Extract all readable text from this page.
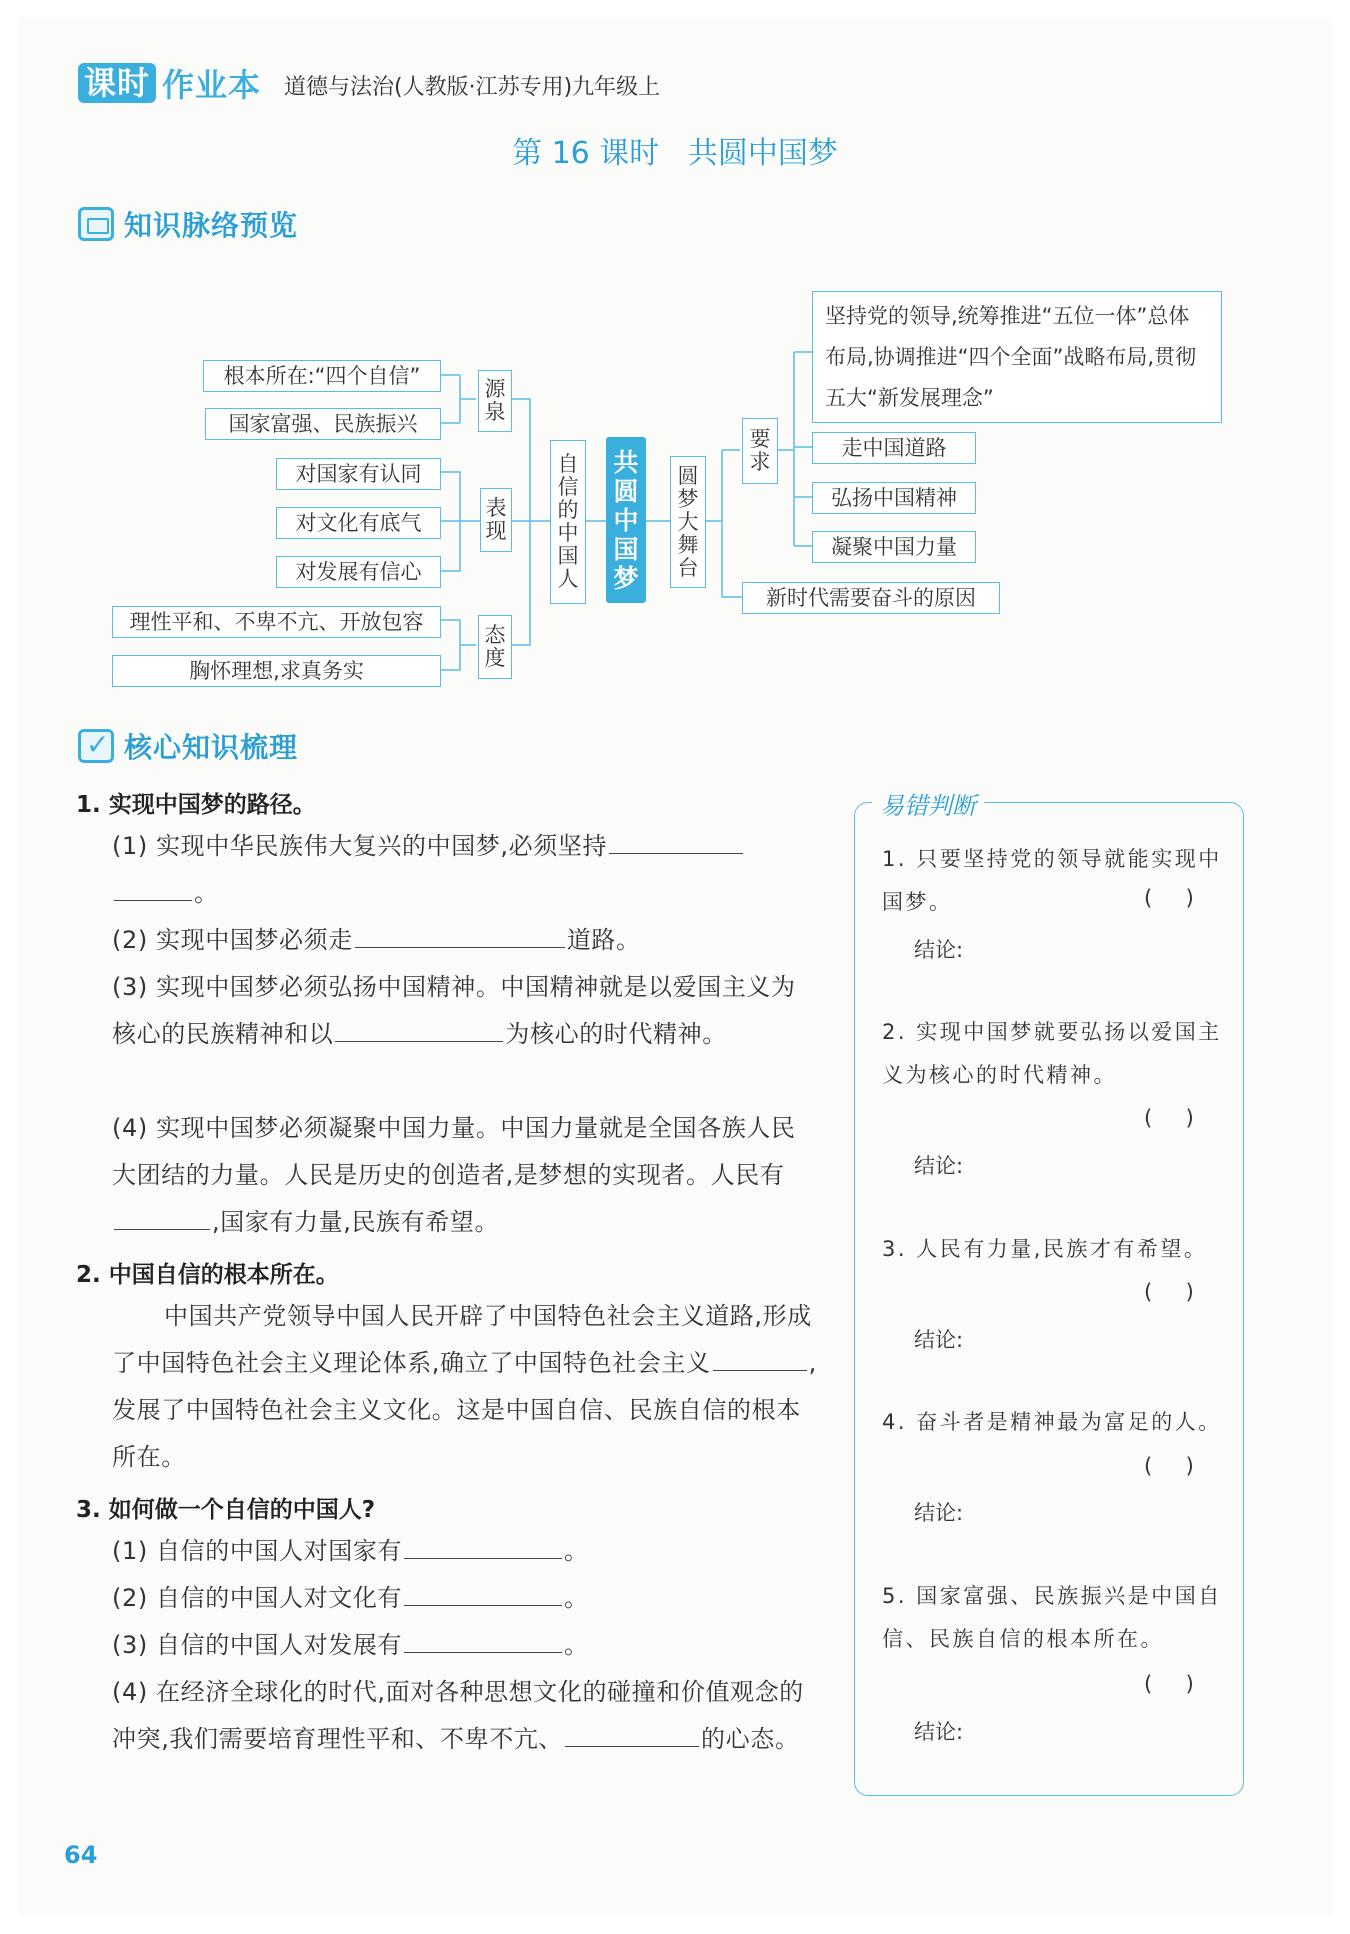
课时 作业本 道德与法治(人教版·江苏专用)九年级上
第 16 课时   共圆中国梦
知识脉络预览
根本所在:“四个自信”
国家富强、民族振兴
源泉
对国家有认同
对文化有底气
对发展有信心
表现
理性平和、不卑不亢、开放包容
胸怀理想,求真务实
态度
自信的中国人
共圆中国梦
圆梦大舞台
要求
坚持党的领导,统筹推进“五位一体”总体布局,协调推进“四个全面”战略布局,贯彻五大“新发展理念”
走中国道路
弘扬中国精神
凝聚中国力量
新时代需要奋斗的原因
✓
核心知识梳理
1. 实现中国梦的路径。
(1) 实现中华民族伟大复兴的中国梦,必须坚持
。
(2) 实现中国梦必须走	道路。
(3) 实现中国梦必须弘扬中国精神。中国精神就是以爱国主义为核心的民族精神和以	为核心的时代精神。
(4) 实现中国梦必须凝聚中国力量。中国力量就是全国各族人民大团结的力量。人民是历史的创造者,是梦想的实现者。人民有,国家有力量,民族有希望。
2. 中国自信的根本所在。
中国共产党领导中国人民开辟了中国特色社会主义道路,形成了中国特色社会主义理论体系,确立了中国特色社会主义	,发展了中国特色社会主义文化。这是中国自信、民族自信的根本所在。
3. 如何做一个自信的中国人?
(1) 自信的中国人对国家有	。
(2) 自信的中国人对文化有	。
(3) 自信的中国人对发展有	。
(4) 在经济全球化的时代,面对各种思想文化的碰撞和价值观念的冲突,我们需要培育理性平和、不卑不亢、	的心态。
易错判断
1. 只要坚持党的领导就能实现中国梦。	(     )
结论:
2. 实现中国梦就要弘扬以爱国主义为核心的时代精神。
(     )
结论:
3. 人民有力量,民族才有希望。
(     )
结论:
4. 奋斗者是精神最为富足的人。
(     )
结论:
5. 国家富强、民族振兴是中国自信、民族自信的根本所在。
(     )
结论:
64
